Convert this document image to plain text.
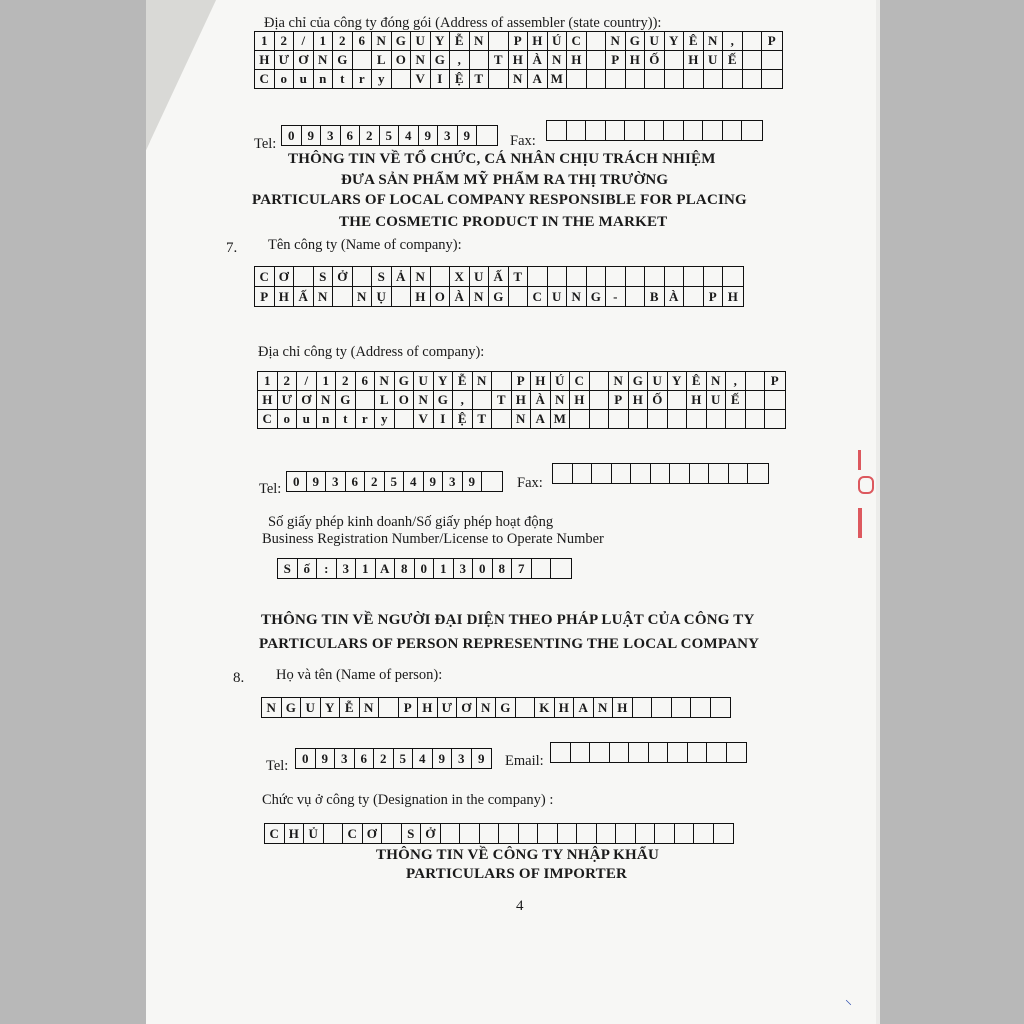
Địa chỉ của công ty đóng gói (Address of assembler (state country)):
1	2	/	1	2	6 N G U Y Ễ N	P H Ú C	N G U Y Ê N	,	P
H Ư Ơ N G	L O N G ,	T H À N H	P H Ố	H U Ế
C o u n	t	r	y	V I Ệ T	N A M
Tel:
0	9	3	6	2	5	4	9	3	9	Fax:
THÔNG TIN VỀ TỔ CHỨC, CÁ NHÂN CHỊU TRÁCH NHIỆM
ĐƯA SẢN PHẨM MỸ PHẨM RA THỊ TRƯỜNG
PARTICULARS OF LOCAL COMPANY RESPONSIBLE FOR PLACING
THE COSMETIC PRODUCT IN THE MARKET
7. Tên công ty (Name of company):
C Ơ	S Ở	S Ả N	X U Ấ T
P H Ấ N	N Ụ	H O À N G	C U N G -	B À	P H
Địa chỉ công ty (Address of company):
1	2	/	1	2	6 N G U Y Ễ N	P H Ú C	N G U Y Ê N	,	P
H Ư Ơ N G	L O N G ,	T H À N H	P H Ố	H U Ế
C o u n	t	r	y	V I Ệ T	N A M
Tel: 0	9	3	6	2	5	4	9	3	9	Fax:
Số giấy phép kinh doanh/Số giấy phép hoạt động
Business Registration Number/License to Operate Number
S ố	:	3	1 A 8	0	1	3	0	8	7
THÔNG TIN VỀ NGƯỜI ĐẠI DIỆN THEO PHÁP LUẬT CỦA CÔNG TY
PARTICULARS OF PERSON REPRESENTING THE LOCAL COMPANY
8. Họ và tên (Name of person):
N G U Y Ễ N	P H Ư Ơ N G	K H A N H
Tel:	0	9	3	6	2	5	4	9	3	9	Email:
Chức vụ ở công ty (Designation in the company) :
C H Ủ	C Ơ	S Ở
THÔNG TIN VỀ CÔNG TY NHẬP KHẨU
PARTICULARS OF IMPORTER
4
⸜
